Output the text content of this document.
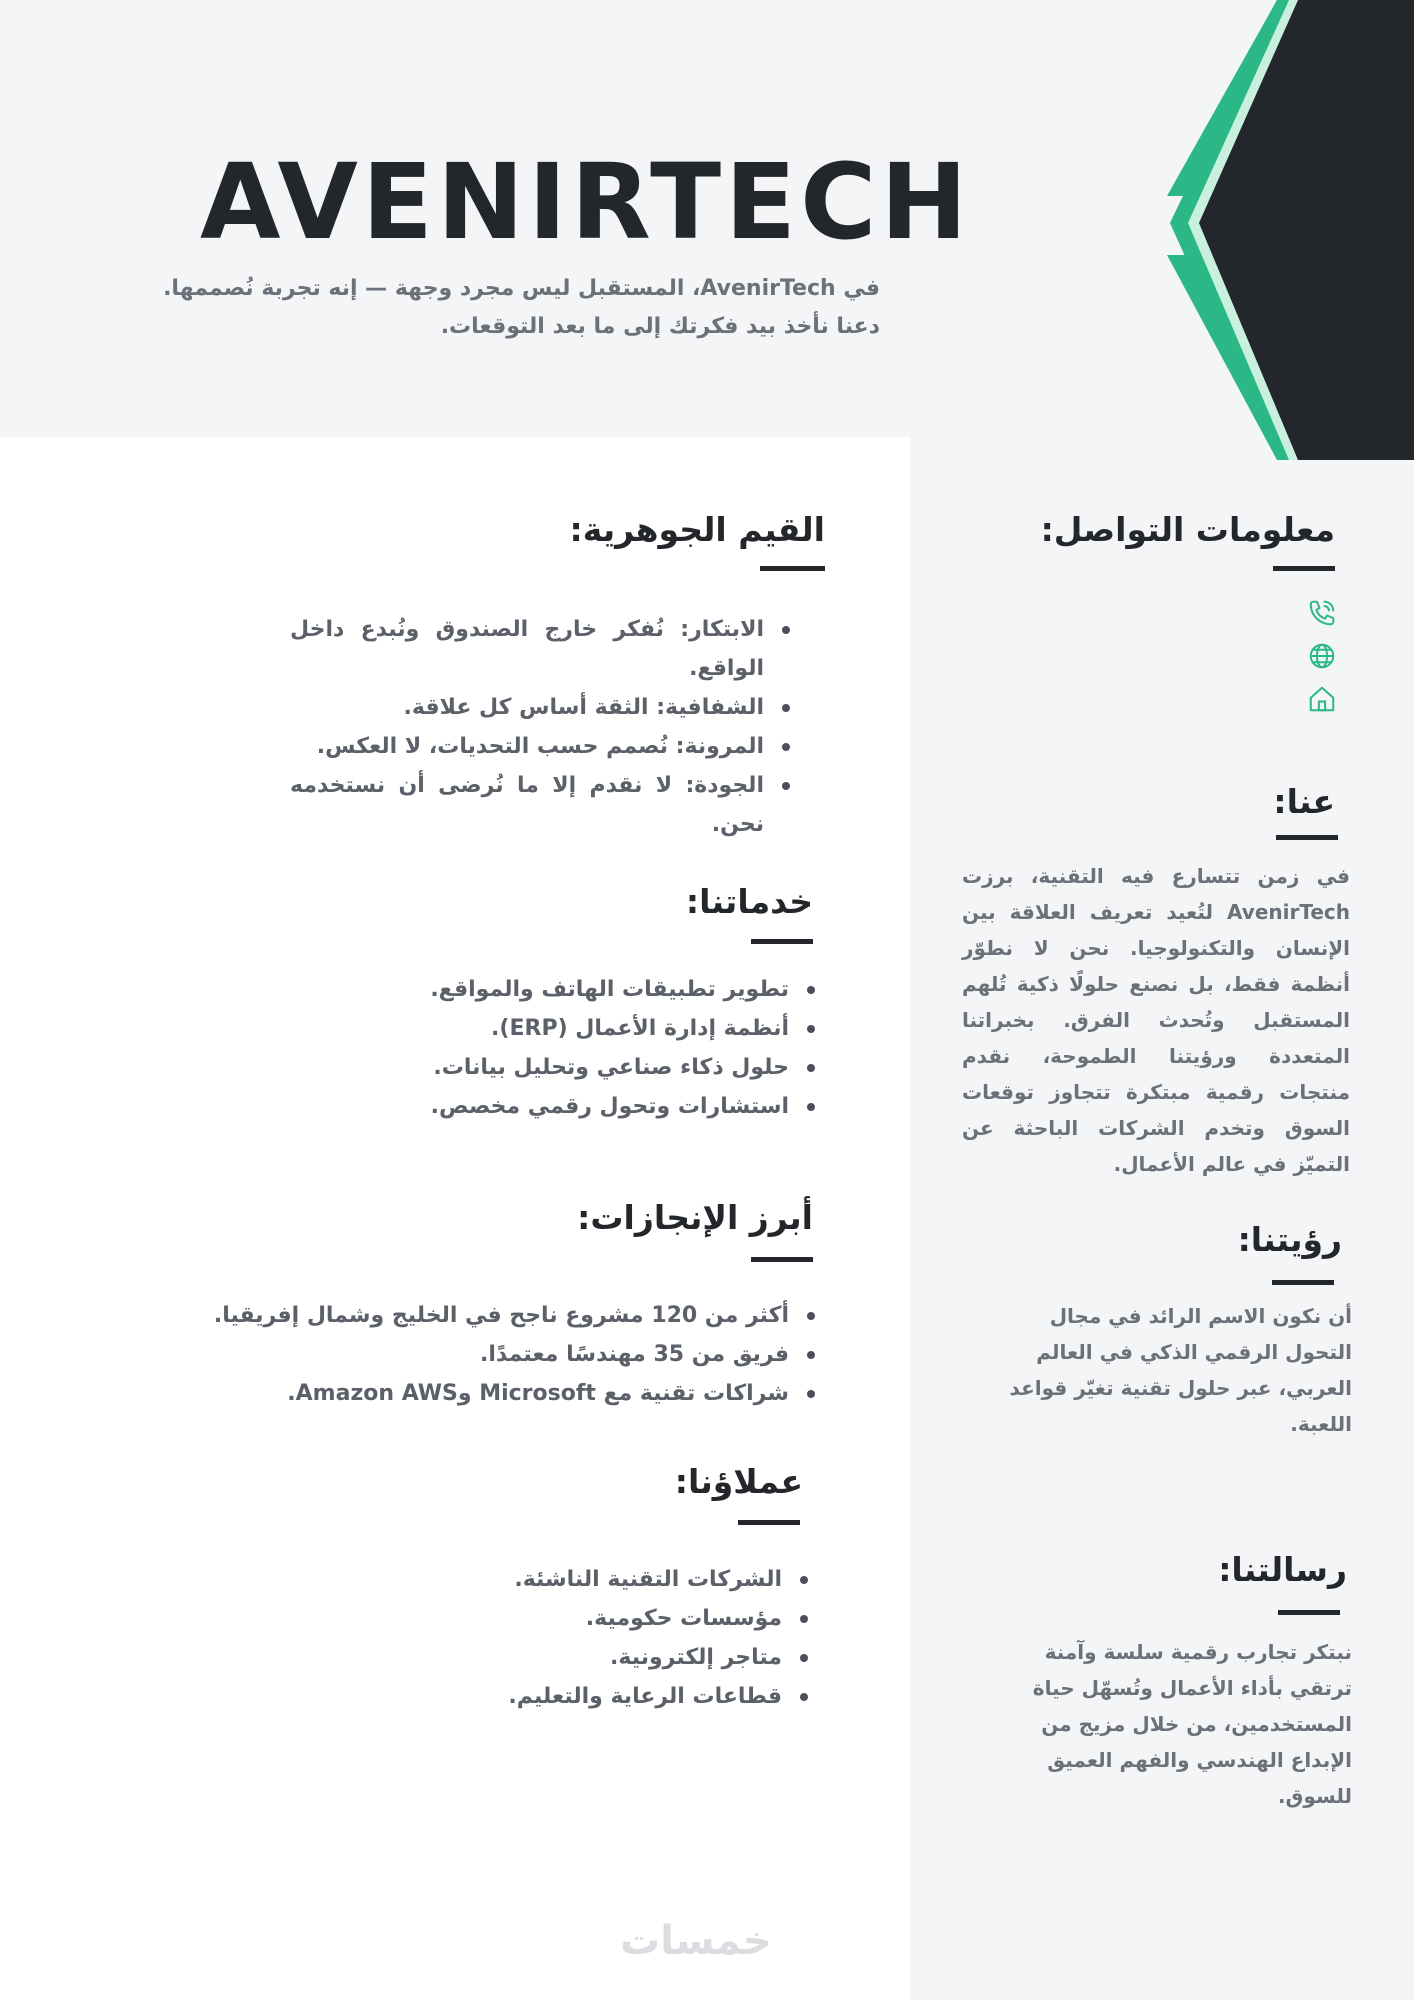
AVENIRTECH
في AvenirTech، المستقبل ليس مجرد وجهة — إنه تجربة نُصممها.
دعنا نأخذ بيد فكرتك إلى ما بعد التوقعات.
القيم الجوهرية:
الابتكار: نُفكر خارج الصندوق ونُبدع داخل الواقع.
الشفافية: الثقة أساس كل علاقة.
المرونة: نُصمم حسب التحديات، لا العكس.
الجودة: لا نقدم إلا ما نُرضى أن نستخدمه نحن.
خدماتنا:
تطوير تطبيقات الهاتف والمواقع.
أنظمة إدارة الأعمال (ERP).
حلول ذكاء صناعي وتحليل بيانات.
استشارات وتحول رقمي مخصص.
أبرز الإنجازات:
أكثر من 120 مشروع ناجح في الخليج وشمال إفريقيا.
فريق من 35 مهندسًا معتمدًا.
شراكات تقنية مع Microsoft وAmazon AWS.
عملاؤنا:
الشركات التقنية الناشئة.
مؤسسات حكومية.
متاجر إلكترونية.
قطاعات الرعاية والتعليم.
معلومات التواصل:
عنا:
في زمن تتسارع فيه التقنية، برزت AvenirTech لتُعيد تعريف العلاقة بين الإنسان والتكنولوجيا. نحن لا نطوّر أنظمة فقط، بل نصنع حلولًا ذكية تُلهم المستقبل وتُحدث الفرق. بخبراتنا المتعددة ورؤيتنا الطموحة، نقدم منتجات رقمية مبتكرة تتجاوز توقعات السوق وتخدم الشركات الباحثة عن التميّز في عالم الأعمال.
رؤيتنا:
أن نكون الاسم الرائد في مجال التحول الرقمي الذكي في العالم العربي، عبر حلول تقنية تغيّر قواعد اللعبة.
رسالتنا:
نبتكر تجارب رقمية سلسة وآمنة ترتقي بأداء الأعمال وتُسهّل حياة المستخدمين، من خلال مزيج من الإبداع الهندسي والفهم العميق للسوق.
خمسات
